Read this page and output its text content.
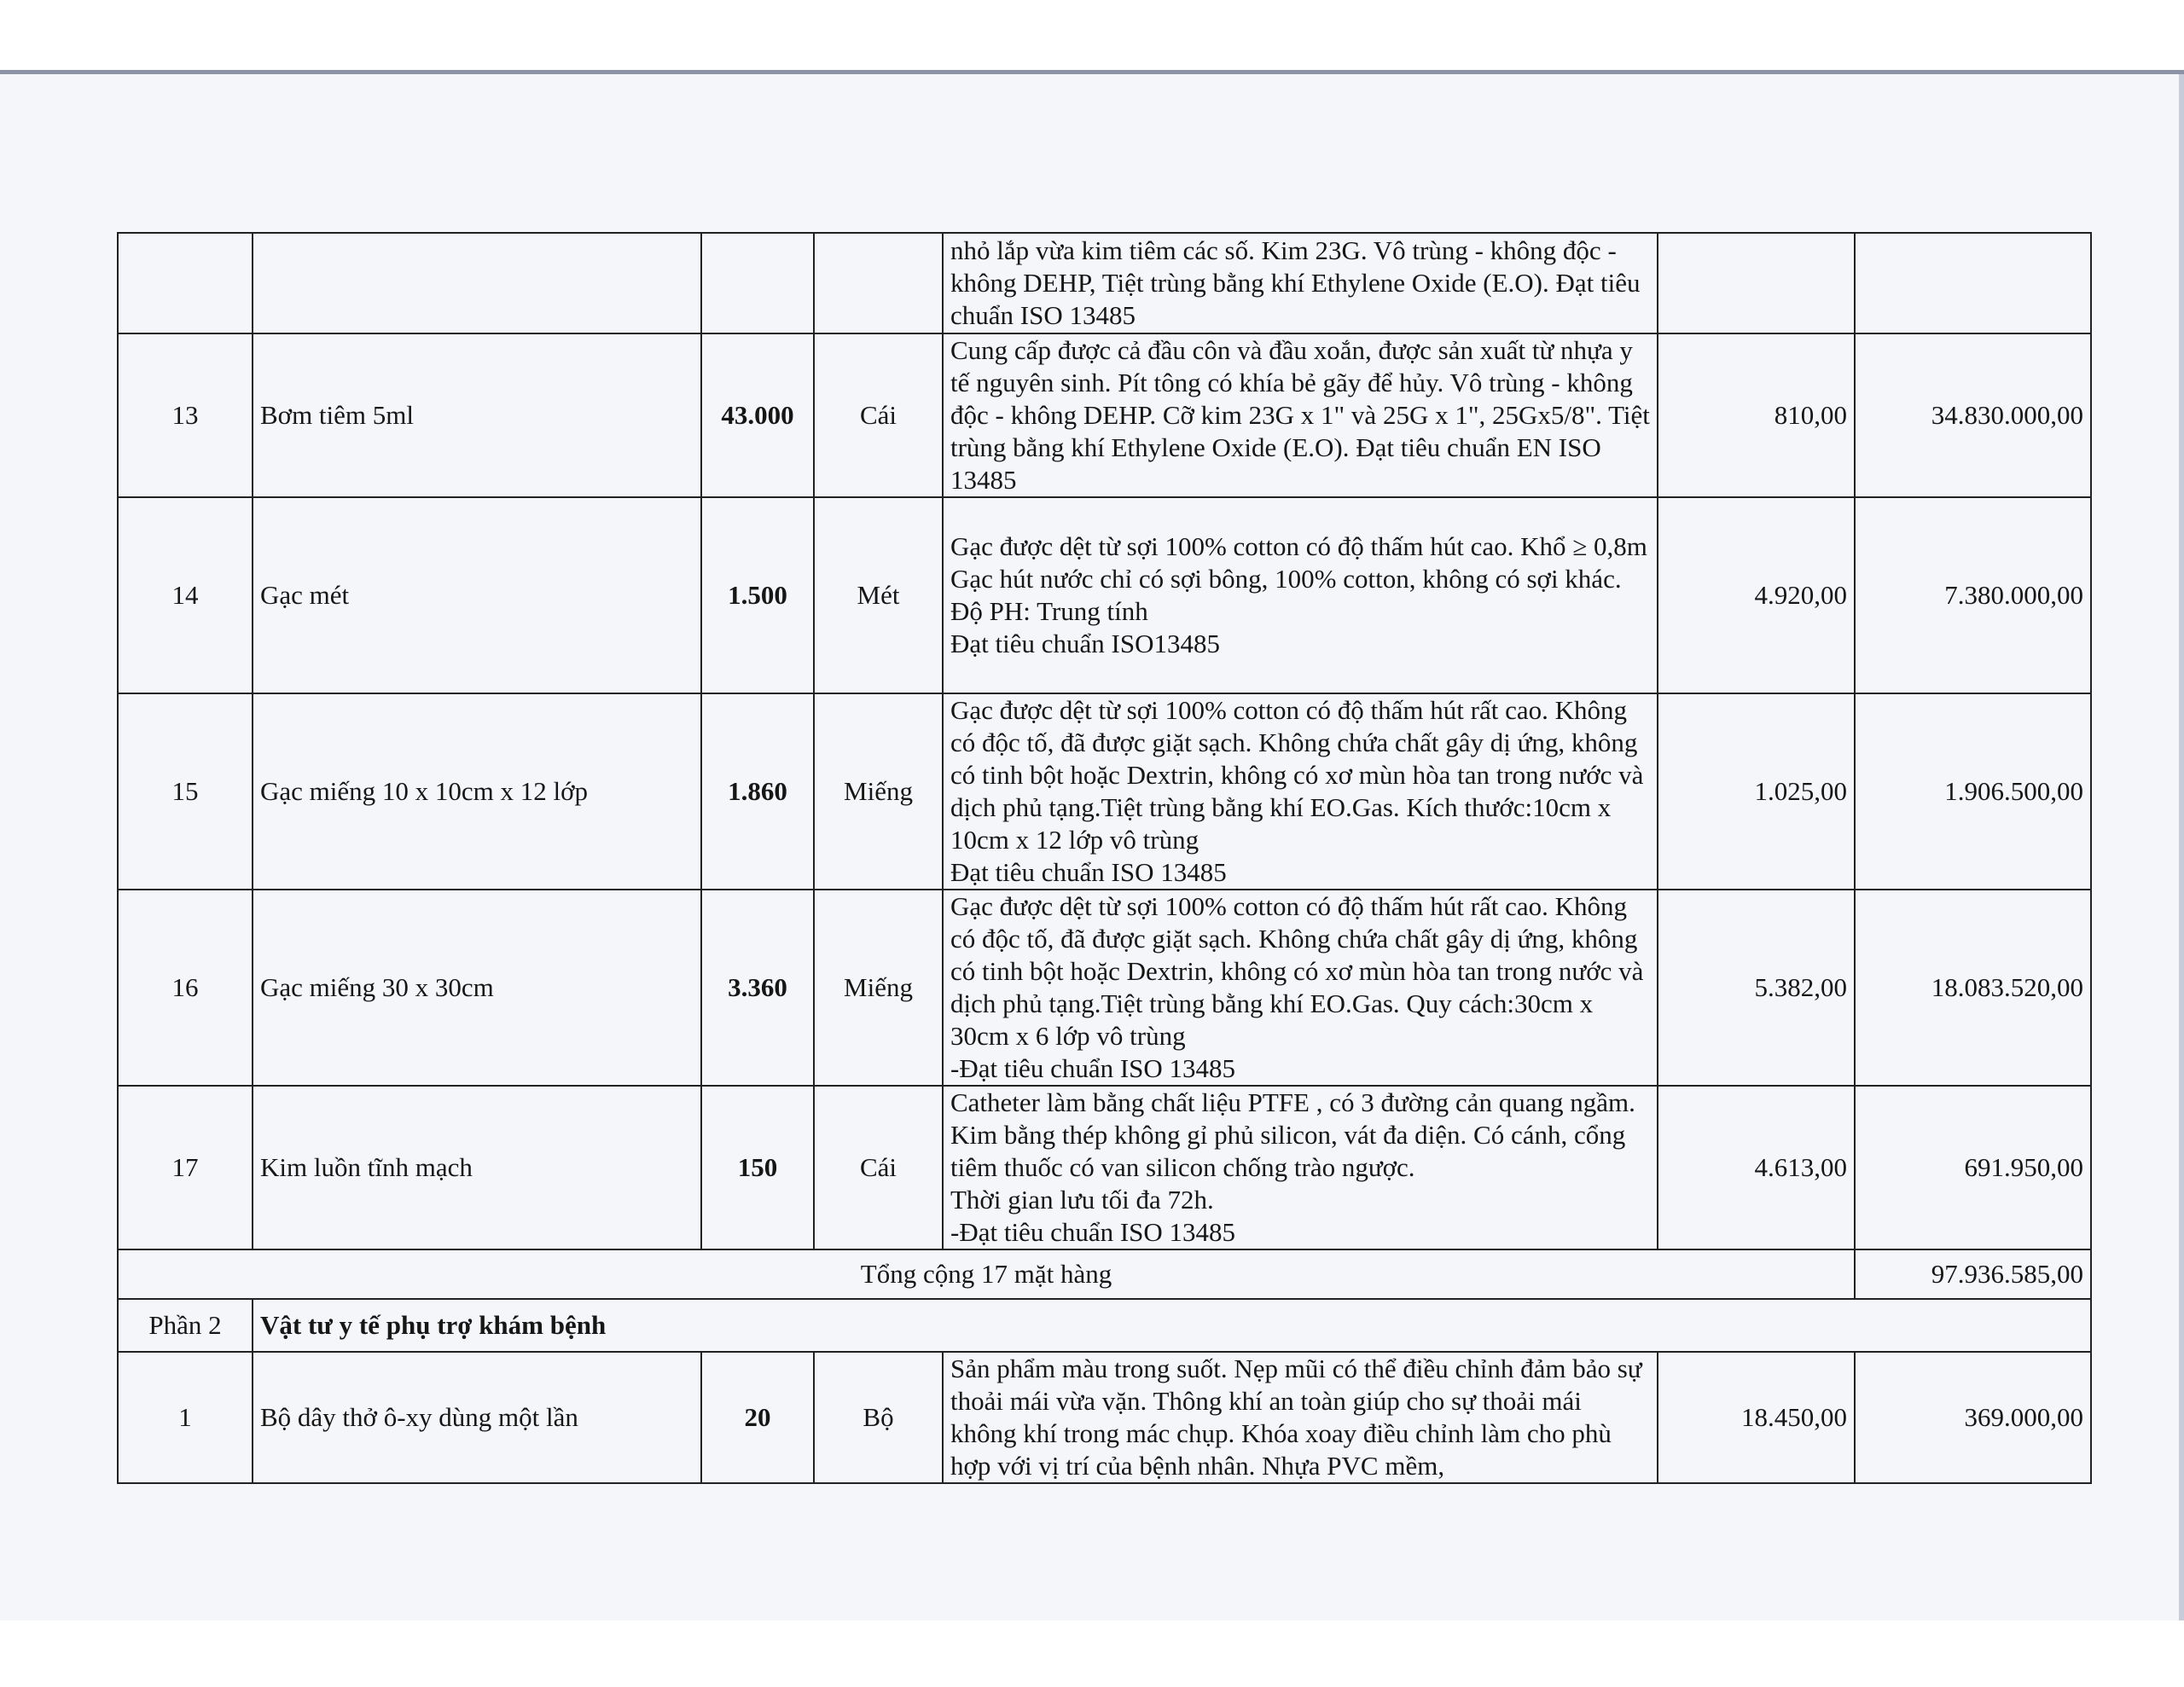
				nhỏ lắp vừa kim tiêm các số. Kim 23G. Vô trùng - không độc - không DEHP, Tiệt trùng bằng khí Ethylene Oxide (E.O). Đạt tiêu chuẩn ISO 13485		
13	Bơm tiêm 5ml	43.000	Cái	Cung cấp được cả đầu côn và đầu xoắn, được sản xuất từ nhựa y tế nguyên sinh. Pít tông có khía bẻ gãy để hủy. Vô trùng - không độc - không DEHP. Cỡ kim 23G x 1" và 25G x 1", 25Gx5/8". Tiệt trùng bằng khí Ethylene Oxide (E.O). Đạt tiêu chuẩn EN ISO 13485	810,00	34.830.000,00
14	Gạc mét	1.500	Mét	Gạc được dệt từ sợi 100% cotton có độ thấm hút cao. Khổ ≥ 0,8m
Gạc hút nước chỉ có sợi bông, 100% cotton, không có sợi khác.
Độ PH: Trung tính
Đạt tiêu chuẩn ISO13485	4.920,00	7.380.000,00
15	Gạc miếng 10 x 10cm x 12 lớp	1.860	Miếng	Gạc được dệt từ sợi 100% cotton có độ thấm hút rất cao. Không có độc tố, đã được giặt sạch. Không chứa chất gây dị ứng, không có tinh bột hoặc Dextrin, không có xơ mùn hòa tan trong nước và dịch phủ tạng.Tiệt trùng bằng khí EO.Gas. Kích thước:10cm x 10cm x 12 lớp vô trùng
Đạt tiêu chuẩn ISO 13485	1.025,00	1.906.500,00
16	Gạc miếng 30 x 30cm	3.360	Miếng	Gạc được dệt từ sợi 100% cotton có độ thấm hút rất cao. Không có độc tố, đã được giặt sạch. Không chứa chất gây dị ứng, không có tinh bột hoặc Dextrin, không có xơ mùn hòa tan trong nước và dịch phủ tạng.Tiệt trùng bằng khí EO.Gas. Quy cách:30cm x 30cm x 6 lớp vô trùng
-Đạt tiêu chuẩn ISO 13485	5.382,00	18.083.520,00
17	Kim luồn tĩnh mạch	150	Cái	Catheter làm bằng chất liệu PTFE , có 3 đường cản quang ngầm. Kim bằng thép không gỉ phủ silicon, vát đa diện. Có cánh, cổng tiêm thuốc có van silicon chống trào ngược.
Thời gian lưu tối đa 72h.
-Đạt tiêu chuẩn ISO 13485	4.613,00	691.950,00
Tổng cộng 17 mặt hàng						97.936.585,00
Phần 2	Vật tư y tế phụ trợ khám bệnh					
1	Bộ dây thở ô-xy dùng một lần	20	Bộ	Sản phẩm màu trong suốt. Nẹp mũi có thể điều chỉnh đảm bảo sự thoải mái vừa vặn. Thông khí an toàn giúp cho sự thoải mái không khí trong mác chụp. Khóa xoay điều chỉnh làm cho phù hợp với vị trí của bệnh nhân. Nhựa PVC mềm,	18.450,00	369.000,00
